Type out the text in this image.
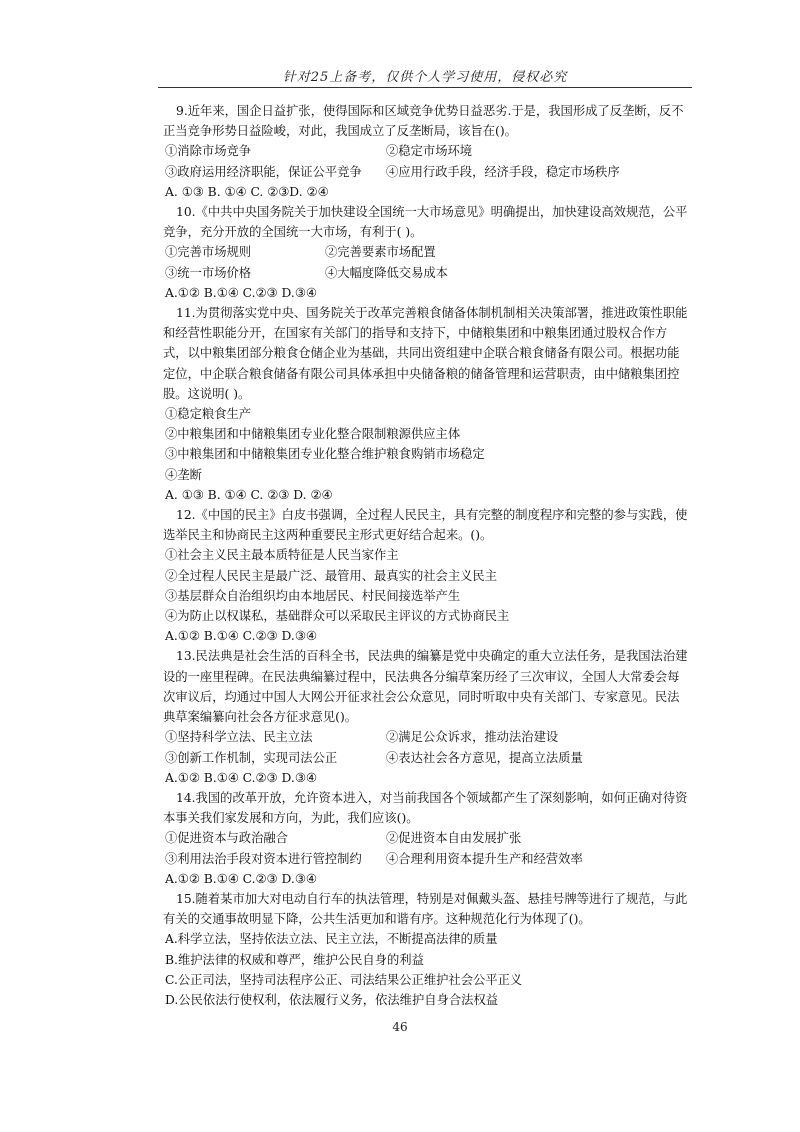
针对25上备考，仅供个人学习使用，侵权必究

9.近年来，国企日益扩张，使得国际和区域竞争优势日益恶劣.于是，我国形成了反垄断，反不正当竞争形势日益险峻，对此，我国成立了反垄断局，该旨在()。

①消除市场竞争	②稳定市场环境
③政府运用经济职能，保证公平竞争	④应用行政手段，经济手段，稳定市场秩序

A. ①③ B. ①④ C. ②③D. ②④

10.《中共中央国务院关于加快建设全国统一大市场意见》明确提出，加快建设高效规范，公平竞争，充分开放的全国统一大市场，有利于( )。

①完善市场规则	②完善要素市场配置
③统一市场价格	④大幅度降低交易成本

A.①② B.①④ C.②③ D.③④

11.为贯彻落实党中央、国务院关于改革完善粮食储备体制机制相关决策部署，推进政策性职能和经营性职能分开，在国家有关部门的指导和支持下，中储粮集团和中粮集团通过股权合作方式，以中粮集团部分粮食仓储企业为基础，共同出资组建中企联合粮食储备有限公司。根据功能定位，中企联合粮食储备有限公司具体承担中央储备粮的储备管理和运营职责，由中储粮集团控股。这说明( )。

①稳定粮食生产

②中粮集团和中储粮集团专业化整合限制粮源供应主体

③中粮集团和中储粮集团专业化整合维护粮食购销市场稳定

④垄断

A. ①③ B. ①④ C. ②③ D. ②④

12.《中国的民主》白皮书强调，全过程人民民主，具有完整的制度程序和完整的参与实践，使选举民主和协商民主这两种重要民主形式更好结合起来。()。

①社会主义民主最本质特征是人民当家作主

②全过程人民民主是最广泛、最管用、最真实的社会主义民主

③基层群众自治组织均由本地居民、村民间接选举产生

④为防止以权谋私，基础群众可以采取民主评议的方式协商民主

A.①② B.①④ C.②③ D.③④

13.民法典是社会生活的百科全书，民法典的编纂是党中央确定的重大立法任务，是我国法治建设的一座里程碑。在民法典编纂过程中，民法典各分编草案历经了三次审议，全国人大常委会每次审议后，均通过中国人大网公开征求社会公众意见，同时听取中央有关部门、专家意见。民法典草案编纂向社会各方征求意见()。

①坚持科学立法、民主立法	②满足公众诉求，推动法治建设
③创新工作机制，实现司法公正	④表达社会各方意见，提高立法质量

A.①② B.①④ C.②③ D.③④

14.我国的改革开放，允许资本进入，对当前我国各个领域都产生了深刻影响，如何正确对待资本事关我们家发展和方向，为此，我们应该()。

①促进资本与政治融合	②促进资本自由发展扩张
③利用法治手段对资本进行管控制约	④合理利用资本提升生产和经营效率

A.①② B.①④ C.②③ D.③④

15.随着某市加大对电动自行车的执法管理，特别是对佩戴头盔、悬挂号牌等进行了规范，与此有关的交通事故明显下降，公共生活更加和谐有序。这种规范化行为体现了()。

A.科学立法，坚持依法立法、民主立法，不断提高法律的质量

B.维护法律的权威和尊严，维护公民自身的利益

C.公正司法，坚持司法程序公正、司法结果公正维护社会公平正义

D.公民依法行使权利，依法履行义务，依法维护自身合法权益

46
